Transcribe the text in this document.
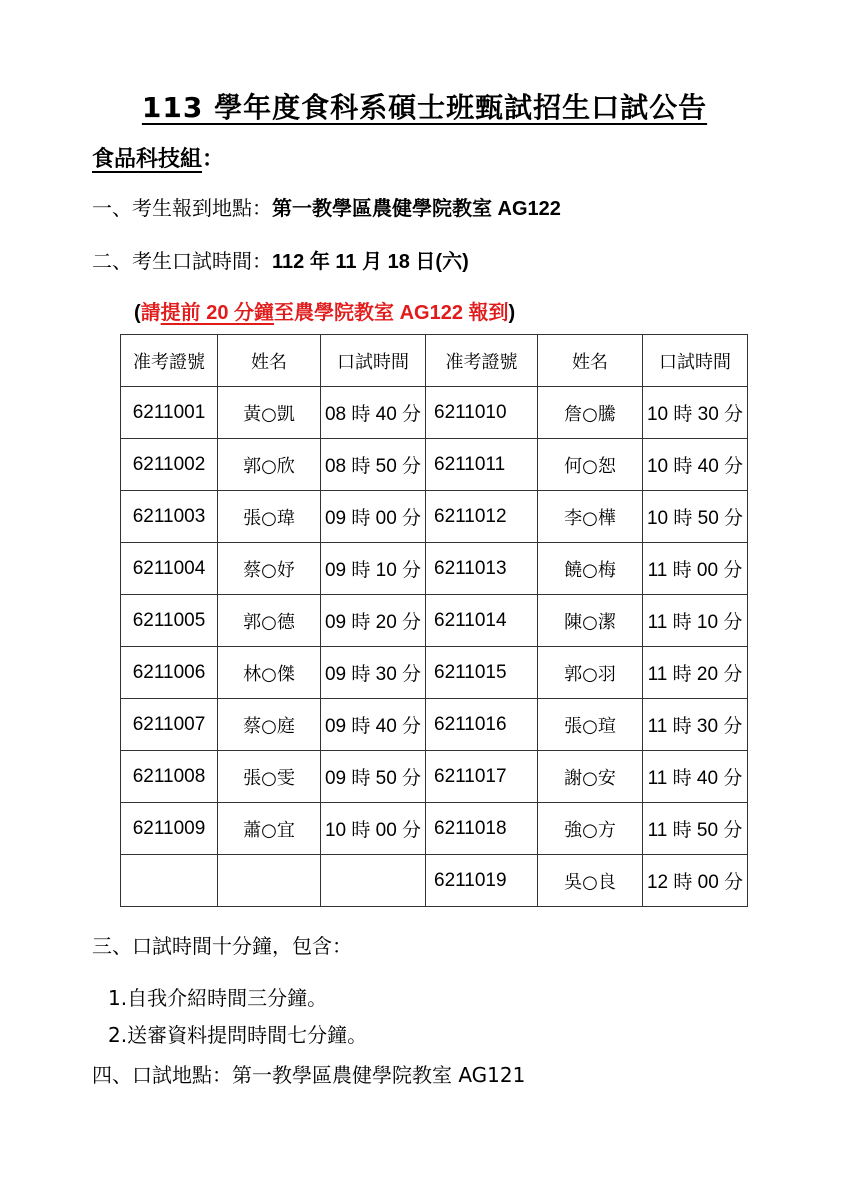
113 學年度食科系碩士班甄試招生口試公告
食品科技組：
一、考生報到地點：第一教學區農健學院教室 AG122
二、考生口試時間：112 年 11 月 18 日(六)
(請提前 20 分鐘至農學院教室 AG122 報到)
准考證號	姓名	口試時間	准考證號	姓名	口試時間
6211001	黃○凱	08 時 40 分	6211010	詹○騰	10 時 30 分
6211002	郭○欣	08 時 50 分	6211011	何○恕	10 時 40 分
6211003	張○瑋	09 時 00 分	6211012	李○樺	10 時 50 分
6211004	蔡○妤	09 時 10 分	6211013	饒○梅	11 時 00 分
6211005	郭○德	09 時 20 分	6211014	陳○潔	11 時 10 分
6211006	林○傑	09 時 30 分	6211015	郭○羽	11 時 20 分
6211007	蔡○庭	09 時 40 分	6211016	張○瑄	11 時 30 分
6211008	張○雯	09 時 50 分	6211017	謝○安	11 時 40 分
6211009	蕭○宜	10 時 00 分	6211018	強○方	11 時 50 分
			6211019	吳○良	12 時 00 分
三、口試時間十分鐘，包含：
1.自我介紹時間三分鐘。
2.送審資料提問時間七分鐘。
四、口試地點：第一教學區農健學院教室 AG121
